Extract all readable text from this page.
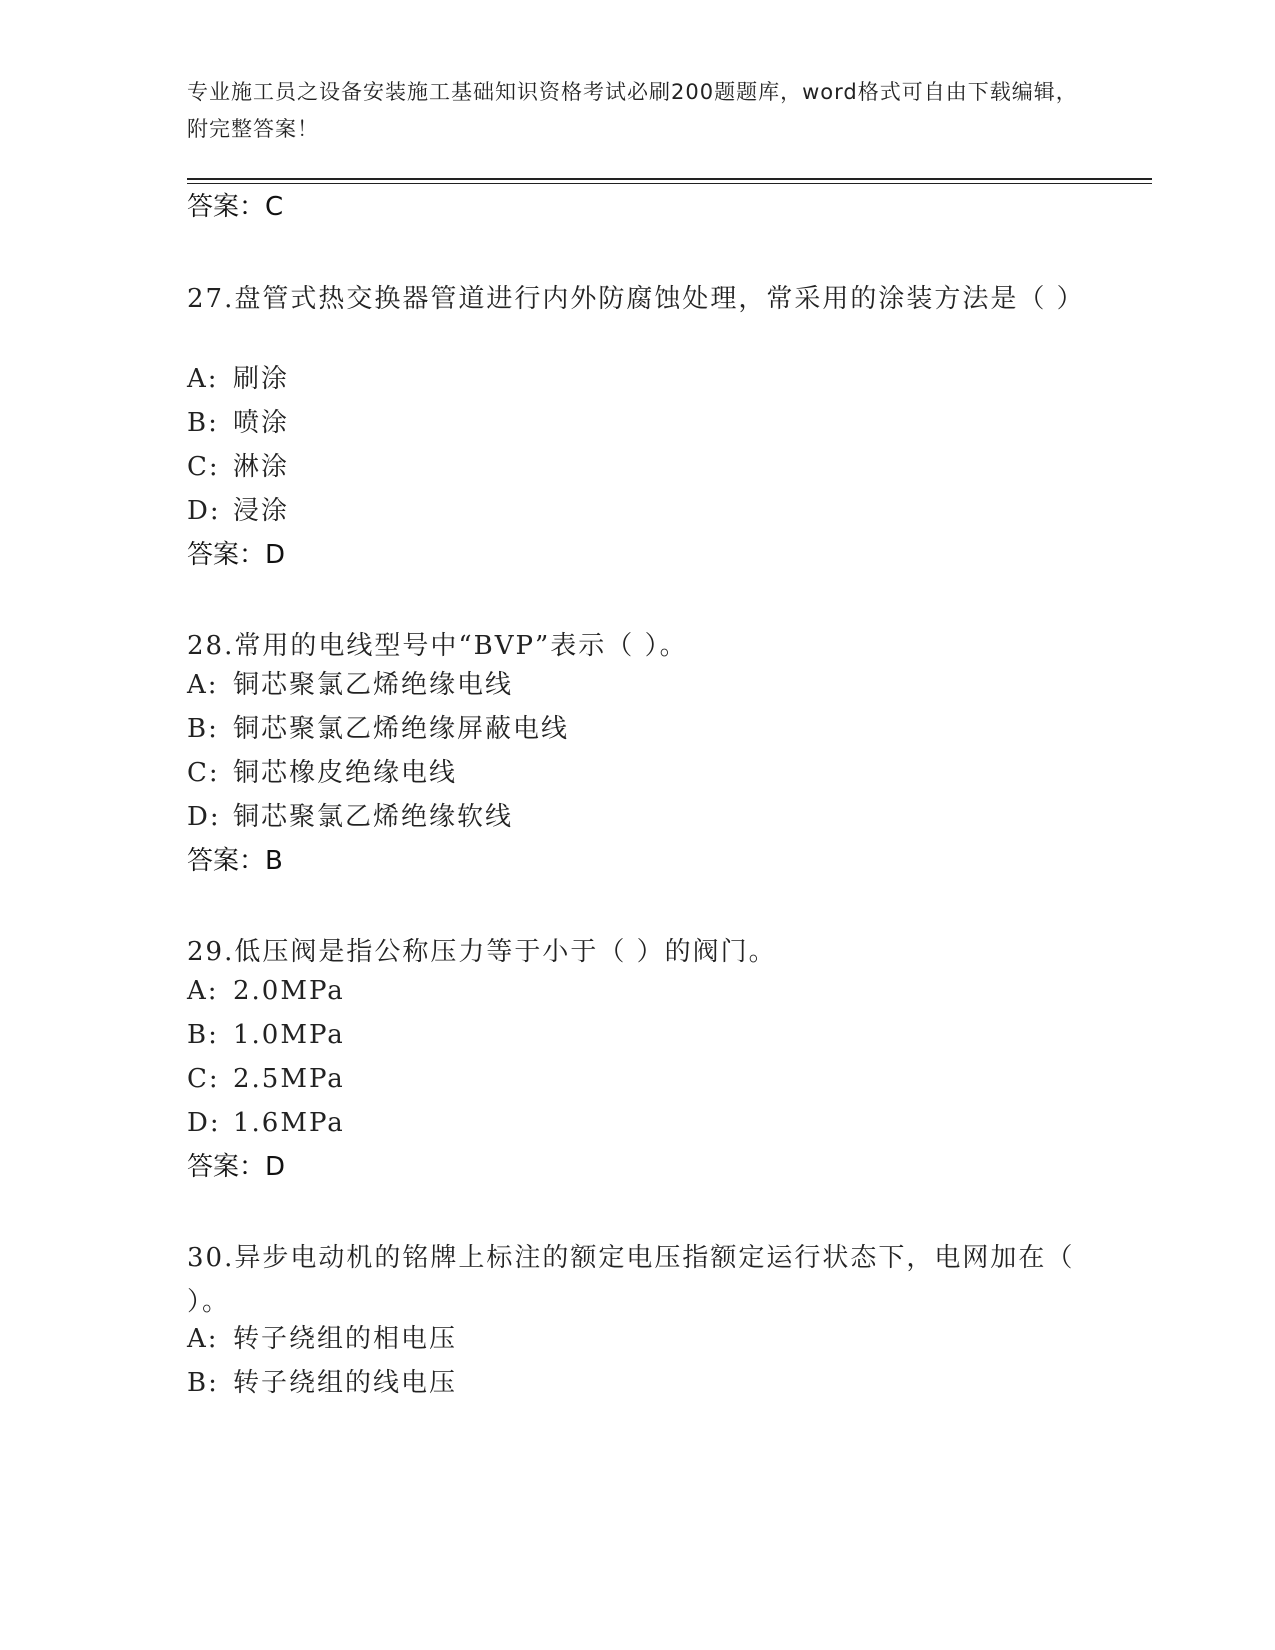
专业施工员之设备安装施工基础知识资格考试必刷200题题库，word格式可自由下载编辑，附完整答案！
答案：C
27.盘管式热交换器管道进行内外防腐蚀处理，常采用的涂装方法是（ ）
A: 刷涂
B: 喷涂
C: 淋涂
D: 浸涂
答案：D
28.常用的电线型号中“BVP”表示（ ）。
A: 铜芯聚氯乙烯绝缘电线
B: 铜芯聚氯乙烯绝缘屏蔽电线
C: 铜芯橡皮绝缘电线
D: 铜芯聚氯乙烯绝缘软线
答案：B
29.低压阀是指公称压力等于小于（ ）的阀门。
A: 2.0MPa
B: 1.0MPa
C: 2.5MPa
D: 1.6MPa
答案：D
30.异步电动机的铭牌上标注的额定电压指额定运行状态下，电网加在（ ）。
A: 转子绕组的相电压
B: 转子绕组的线电压
